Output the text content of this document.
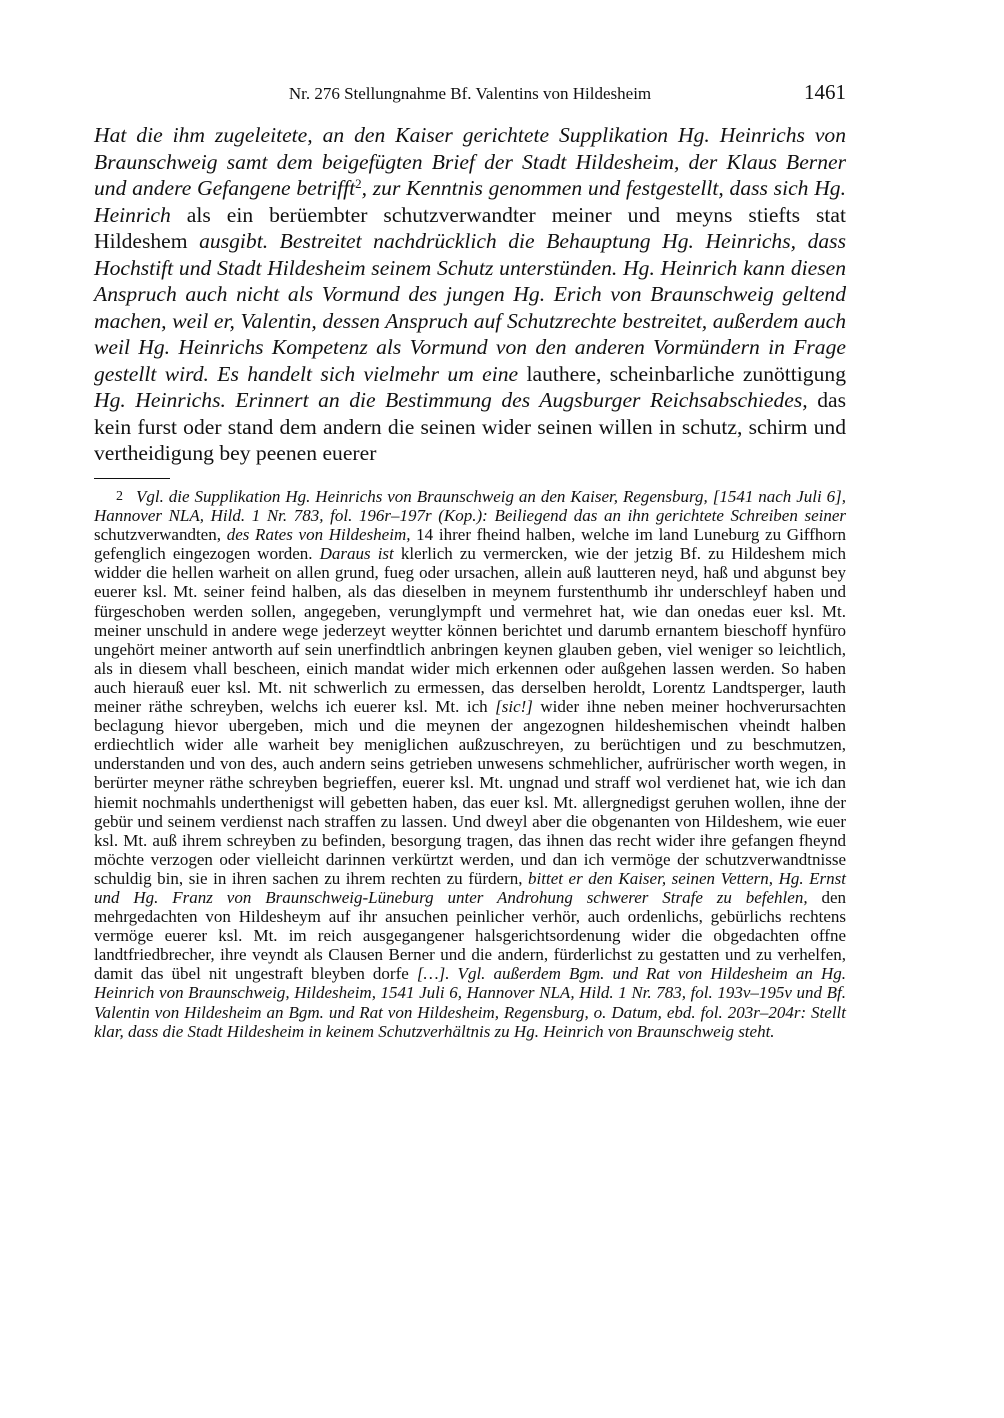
Nr. 276 Stellungnahme Bf. Valentins von Hildesheim	1461

Hat die ihm zugeleitete, an den Kaiser gerichtete Supplikation Hg. Heinrichs von Braunschweig samt dem beigefügten Brief der Stadt Hildesheim, der Klaus Berner und andere Gefangene betrifft$^2$, zur Kenntnis genommen und festgestellt, dass sich Hg. Heinrich als ein berüembter schutzverwandter meiner und meyns stiefts stat Hildeshem ausgibt. Bestreitet nachdrücklich die Behauptung Hg. Heinrichs, dass Hochstift und Stadt Hildesheim seinem Schutz unterstünden. Hg. Heinrich kann diesen Anspruch auch nicht als Vormund des jungen Hg. Erich von Braunschweig geltend machen, weil er, Valentin, dessen Anspruch auf Schutzrechte bestreitet, außerdem auch weil Hg. Heinrichs Kompetenz als Vormund von den anderen Vormündern in Frage gestellt wird. Es handelt sich vielmehr um eine lauthere, scheinbarliche zunöttigung Hg. Heinrichs. Erinnert an die Bestimmung des Augsburger Reichsabschiedes, das kein furst oder stand dem andern die seinen wider seinen willen in schutz, schirm und vertheidigung bey peenen euerer

2 Vgl. die Supplikation Hg. Heinrichs von Braunschweig an den Kaiser, Regensburg, [1541 nach Juli 6], Hannover NLA, Hild. 1 Nr. 783, fol. 196r–197r (Kop.): Beiliegend das an ihn gerichtete Schreiben seiner schutzverwandten, des Rates von Hildesheim, 14 ihrer fheind halben, welche im land Luneburg zu Giffhorn gefenglich eingezogen worden. Daraus ist klerlich zu vermercken, wie der jetzig Bf. zu Hildeshem mich widder die hellen warheit on allen grund, fueg oder ursachen, allein auß lautteren neyd, haß und abgunst bey euerer ksl. Mt. seiner feind halben, als das dieselben in meynem furstenthumb ihr underschleyf haben und fürgeschoben werden sollen, angegeben, verunglympft und vermehret hat, wie dan onedas euer ksl. Mt. meiner unschuld in andere wege jederzeyt weytter können berichtet und darumb ernantem bieschoff hynfüro ungehört meiner antworth auf sein unerfindtlich anbringen keynen glauben geben, viel weniger so leichtlich, als in diesem vhall bescheen, einich mandat wider mich erkennen oder außgehen lassen werden. So haben auch hierauß euer ksl. Mt. nit schwerlich zu ermessen, das derselben heroldt, Lorentz Landtsperger, lauth meiner räthe schreyben, welchs ich euerer ksl. Mt. ich [sic!] wider ihne neben meiner hochverursachten beclagung hievor ubergeben, mich und die meynen der angezognen hildeshemischen vheindt halben erdiechtlich wider alle warheit bey meniglichen außzuschreyen, zu berüchtigen und zu beschmutzen, understanden und von des, auch andern seins getrieben unwesens schmehlicher, aufrürischer worth wegen, in berürter meyner räthe schreyben begrieffen, euerer ksl. Mt. ungnad und straff wol verdienet hat, wie ich dan hiemit nochmahls underthenigst will gebetten haben, das euer ksl. Mt. allergnedigst geruhen wollen, ihne der gebür und seinem verdienst nach straffen zu lassen. Und dweyl aber die obgenanten von Hildeshem, wie euer ksl. Mt. auß ihrem schreyben zu befinden, besorgung tragen, das ihnen das recht wider ihre gefangen fheynd möchte verzogen oder vielleicht darinnen verkürtzt werden, und dan ich vermöge der schutzverwandtnisse schuldig bin, sie in ihren sachen zu ihrem rechten zu fürdern, bittet er den Kaiser, seinen Vettern, Hg. Ernst und Hg. Franz von Braunschweig-Lüneburg unter Androhung schwerer Strafe zu befehlen, den mehrgedachten von Hildesheym auf ihr ansuchen peinlicher verhör, auch ordenlichs, gebürlichs rechtens vermöge euerer ksl. Mt. im reich ausgegangener halsgerichtsordenung wider die obgedachten offne landtfriedbrecher, ihre veyndt als Clausen Berner und die andern, fürderlichst zu gestatten und zu verhelfen, damit das übel nit ungestraft bleyben dorfe […]. Vgl. außerdem Bgm. und Rat von Hildesheim an Hg. Heinrich von Braunschweig, Hildesheim, 1541 Juli 6, Hannover NLA, Hild. 1 Nr. 783, fol. 193v–195v und Bf. Valentin von Hildesheim an Bgm. und Rat von Hildesheim, Regensburg, o. Datum, ebd. fol. 203r–204r: Stellt klar, dass die Stadt Hildesheim in keinem Schutzverhältnis zu Hg. Heinrich von Braunschweig steht.
